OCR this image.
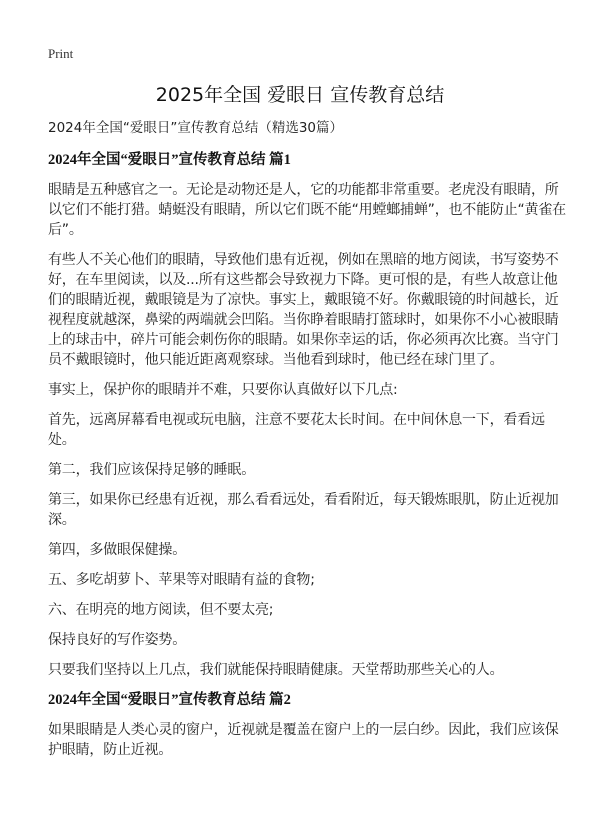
Print
2025年全国 爱眼日 宣传教育总结
2024年全国“爱眼日”宣传教育总结（精选30篇）
2024年全国“爱眼日”宣传教育总结 篇1

眼睛是五种感官之一。无论是动物还是人，它的功能都非常重要。老虎没有眼睛，所以它们不能打猎。蜻蜓没有眼睛，所以它们既不能“用螳螂捕蝉”，也不能防止“黄雀在后”。

有些人不关心他们的眼睛，导致他们患有近视，例如在黑暗的地方阅读，书写姿势不好，在车里阅读，以及...所有这些都会导致视力下降。更可恨的是，有些人故意让他们的眼睛近视，戴眼镜是为了凉快。事实上，戴眼镜不好。你戴眼镜的时间越长，近视程度就越深，鼻梁的两端就会凹陷。当你睁着眼睛打篮球时，如果你不小心被眼睛上的球击中，碎片可能会刺伤你的眼睛。如果你幸运的话，你必须再次比赛。当守门员不戴眼镜时，他只能近距离观察球。当他看到球时，他已经在球门里了。

事实上，保护你的眼睛并不难，只要你认真做好以下几点:

首先，远离屏幕看电视或玩电脑，注意不要花太长时间。在中间休息一下，看看远处。

第二，我们应该保持足够的睡眠。

第三，如果你已经患有近视，那么看看远处，看看附近，每天锻炼眼肌，防止近视加深。

第四，多做眼保健操。

五、多吃胡萝卜、苹果等对眼睛有益的食物;

六、在明亮的地方阅读，但不要太亮;

保持良好的写作姿势。

只要我们坚持以上几点，我们就能保持眼睛健康。天堂帮助那些关心的人。

2024年全国“爱眼日”宣传教育总结 篇2

如果眼睛是人类心灵的窗户，近视就是覆盖在窗户上的一层白纱。因此，我们应该保护眼睛，防止近视。
